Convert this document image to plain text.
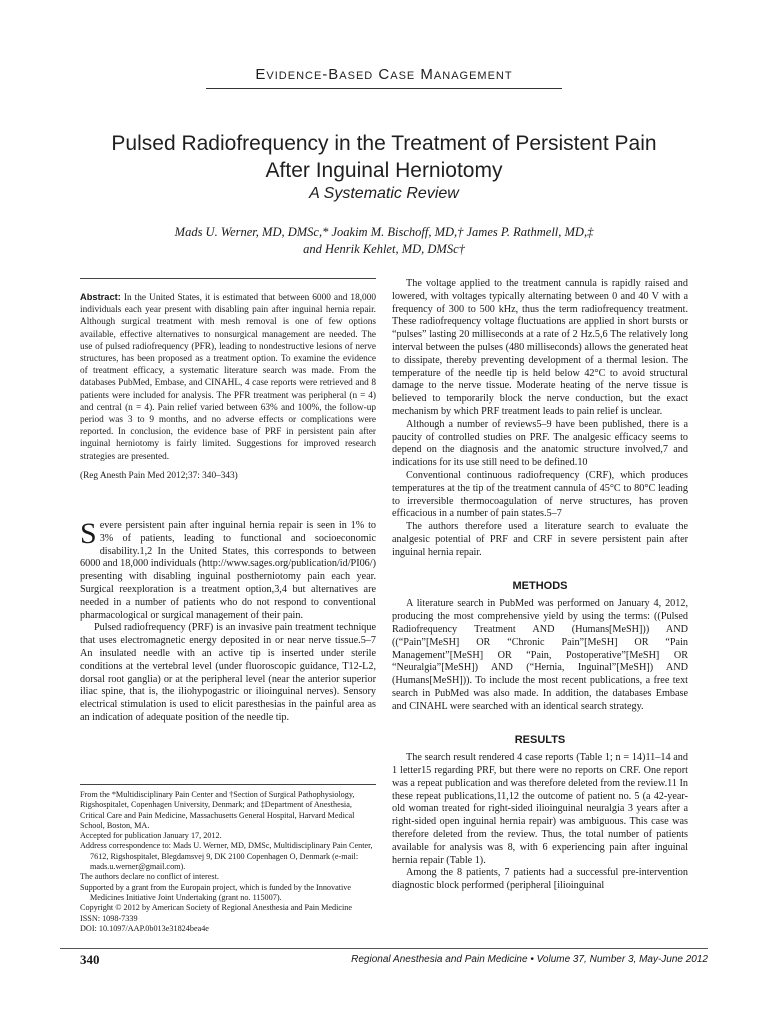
Evidence-Based Case Management
Pulsed Radiofrequency in the Treatment of Persistent Pain
After Inguinal Herniotomy
A Systematic Review
Mads U. Werner, MD, DMSc,* Joakim M. Bischoff, MD,† James P. Rathmell, MD,‡
and Henrik Kehlet, MD, DMSc†
Abstract: In the United States, it is estimated that between 6000 and 18,000 individuals each year present with disabling pain after inguinal hernia repair. Although surgical treatment with mesh removal is one of few options available, effective alternatives to nonsurgical management are needed. The use of pulsed radiofrequency (PFR), leading to nondestructive lesions of nerve structures, has been proposed as a treatment option. To examine the evidence of treatment efficacy, a systematic literature search was made. From the databases PubMed, Embase, and CINAHL, 4 case reports were retrieved and 8 patients were included for analysis. The PFR treatment was peripheral (n = 4) and central (n = 4). Pain relief varied between 63% and 100%, the follow-up period was 3 to 9 months, and no adverse effects or complications were reported. In conclusion, the evidence base of PRF in persistent pain after inguinal herniotomy is fairly limited. Suggestions for improved research strategies are presented.
(Reg Anesth Pain Med 2012;37: 340–343)

Severe persistent pain after inguinal hernia repair is seen in 1% to 3% of patients, leading to functional and socioeconomic disability.1,2 In the United States, this corresponds to between 6000 and 18,000 individuals (http://www.sages.org/publication/id/PI06/) presenting with disabling inguinal postherniotomy pain each year. Surgical reexploration is a treatment option,3,4 but alternatives are needed in a number of patients who do not respond to conventional pharmacological or surgical management of their pain.

Pulsed radiofrequency (PRF) is an invasive pain treatment technique that uses electromagnetic energy deposited in or near nerve tissue.5–7 An insulated needle with an active tip is inserted under sterile conditions at the vertebral level (under fluoroscopic guidance, T12-L2, dorsal root ganglia) or at the peripheral level (near the anterior superior iliac spine, that is, the iliohypogastric or ilioinguinal nerves). Sensory electrical stimulation is used to elicit paresthesias in the painful area as an indication of adequate position of the needle tip.

From the *Multidisciplinary Pain Center and †Section of Surgical Pathophysiology, Rigshospitalet, Copenhagen University, Denmark; and ‡Department of Anesthesia, Critical Care and Pain Medicine, Massachusetts General Hospital, Harvard Medical School, Boston, MA.
Accepted for publication January 17, 2012.
Address correspondence to: Mads U. Werner, MD, DMSc, Multidisciplinary Pain Center, 7612, Rigshospitalet, Blegdamsvej 9, DK 2100 Copenhagen O, Denmark (e-mail: mads.u.werner@gmail.com).
The authors declare no conflict of interest.
Supported by a grant from the Europain project, which is funded by the Innovative Medicines Initiative Joint Undertaking (grant no. 115007).
Copyright © 2012 by American Society of Regional Anesthesia and Pain Medicine
ISSN: 1098-7339
DOI: 10.1097/AAP.0b013e31824bea4e

The voltage applied to the treatment cannula is rapidly raised and lowered, with voltages typically alternating between 0 and 40 V with a frequency of 300 to 500 kHz, thus the term radiofrequency treatment. These radiofrequency voltage fluctuations are applied in short bursts or “pulses” lasting 20 milliseconds at a rate of 2 Hz.5,6 The relatively long interval between the pulses (480 milliseconds) allows the generated heat to dissipate, thereby preventing development of a thermal lesion. The temperature of the needle tip is held below 42°C to avoid structural damage to the nerve tissue. Moderate heating of the nerve tissue is believed to temporarily block the nerve conduction, but the exact mechanism by which PRF treatment leads to pain relief is unclear.

Although a number of reviews5–9 have been published, there is a paucity of controlled studies on PRF. The analgesic efficacy seems to depend on the diagnosis and the anatomic structure involved,7 and indications for its use still need to be defined.10

Conventional continuous radiofrequency (CRF), which produces temperatures at the tip of the treatment cannula of 45°C to 80°C leading to irreversible thermocoagulation of nerve structures, has proven efficacious in a number of pain states.5–7

The authors therefore used a literature search to evaluate the analgesic potential of PRF and CRF in severe persistent pain after inguinal hernia repair.

METHODS

A literature search in PubMed was performed on January 4, 2012, producing the most comprehensive yield by using the terms: ((Pulsed Radiofrequency Treatment AND (Humans[MeSH])) AND ((“Pain”[MeSH] OR “Chronic Pain”[MeSH] OR “Pain Management”[MeSH] OR “Pain, Postoperative”[MeSH] OR “Neuralgia”[MeSH]) AND (“Hernia, Inguinal”[MeSH]) AND (Humans[MeSH])). To include the most recent publications, a free text search in PubMed was also made. In addition, the databases Embase and CINAHL were searched with an identical search strategy.

RESULTS

The search result rendered 4 case reports (Table 1; n = 14)11–14 and 1 letter15 regarding PRF, but there were no reports on CRF. One report was a repeat publication and was therefore deleted from the review.11 In these repeat publications,11,12 the outcome of patient no. 5 (a 42-year-old woman treated for right-sided ilioinguinal neuralgia 3 years after a right-sided open inguinal hernia repair) was ambiguous. This case was therefore deleted from the review. Thus, the total number of patients available for analysis was 8, with 6 experiencing pain after inguinal hernia repair (Table 1).

Among the 8 patients, 7 patients had a successful pre-intervention diagnostic block performed (peripheral [ilioinguinal

340	Regional Anesthesia and Pain Medicine • Volume 37, Number 3, May-June 2012
